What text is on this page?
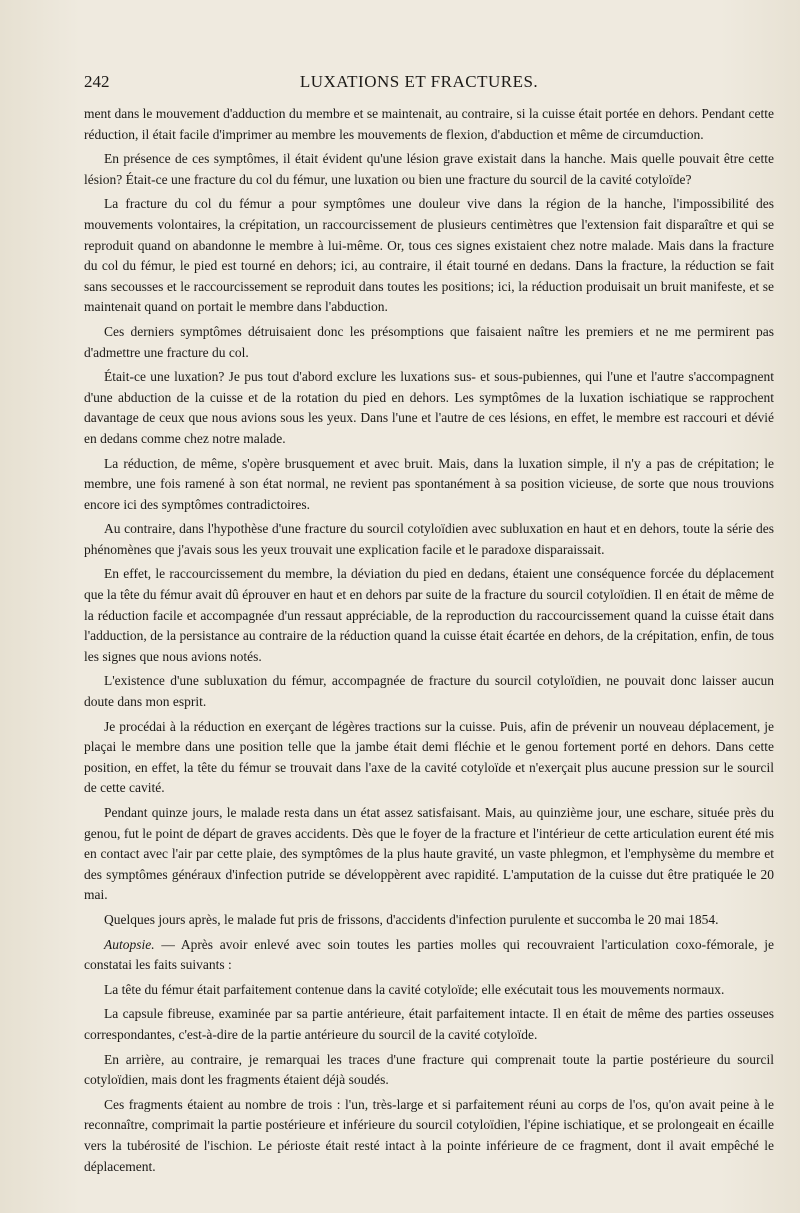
242	LUXATIONS ET FRACTURES.

ment dans le mouvement d'adduction du membre et se maintenait, au contraire, si la cuisse était portée en dehors. Pendant cette réduction, il était facile d'imprimer au membre les mouvements de flexion, d'abduction et même de circumduction.

En présence de ces symptômes, il était évident qu'une lésion grave existait dans la hanche. Mais quelle pouvait être cette lésion? Était-ce une fracture du col du fémur, une luxation ou bien une fracture du sourcil de la cavité cotyloïde?

La fracture du col du fémur a pour symptômes une douleur vive dans la région de la hanche, l'impossibilité des mouvements volontaires, la crépitation, un raccourcissement de plusieurs centimètres que l'extension fait disparaître et qui se reproduit quand on abandonne le membre à lui-même. Or, tous ces signes existaient chez notre malade. Mais dans la fracture du col du fémur, le pied est tourné en dehors; ici, au contraire, il était tourné en dedans. Dans la fracture, la réduction se fait sans secousses et le raccourcissement se reproduit dans toutes les positions; ici, la réduction produisait un bruit manifeste, et se maintenait quand on portait le membre dans l'abduction.

Ces derniers symptômes détruisaient donc les présomptions que faisaient naître les premiers et ne me permirent pas d'admettre une fracture du col.

Était-ce une luxation? Je pus tout d'abord exclure les luxations sus- et sous-pubiennes, qui l'une et l'autre s'accompagnent d'une abduction de la cuisse et de la rotation du pied en dehors. Les symptômes de la luxation ischiatique se rapprochent davantage de ceux que nous avions sous les yeux. Dans l'une et l'autre de ces lésions, en effet, le membre est raccouri et dévié en dedans comme chez notre malade.

La réduction, de même, s'opère brusquement et avec bruit. Mais, dans la luxation simple, il n'y a pas de crépitation; le membre, une fois ramené à son état normal, ne revient pas spontanément à sa position vicieuse, de sorte que nous trouvions encore ici des symptômes contradictoires.

Au contraire, dans l'hypothèse d'une fracture du sourcil cotyloïdien avec subluxation en haut et en dehors, toute la série des phénomènes que j'avais sous les yeux trouvait une explication facile et le paradoxe disparaissait.

En effet, le raccourcissement du membre, la déviation du pied en dedans, étaient une conséquence forcée du déplacement que la tête du fémur avait dû éprouver en haut et en dehors par suite de la fracture du sourcil cotyloïdien. Il en était de même de la réduction facile et accompagnée d'un ressaut appréciable, de la reproduction du raccourcissement quand la cuisse était dans l'adduction, de la persistance au contraire de la réduction quand la cuisse était écartée en dehors, de la crépitation, enfin, de tous les signes que nous avions notés.

L'existence d'une subluxation du fémur, accompagnée de fracture du sourcil cotyloïdien, ne pouvait donc laisser aucun doute dans mon esprit.

Je procédai à la réduction en exerçant de légères tractions sur la cuisse. Puis, afin de prévenir un nouveau déplacement, je plaçai le membre dans une position telle que la jambe était demi fléchie et le genou fortement porté en dehors. Dans cette position, en effet, la tête du fémur se trouvait dans l'axe de la cavité cotyloïde et n'exerçait plus aucune pression sur le sourcil de cette cavité.

Pendant quinze jours, le malade resta dans un état assez satisfaisant. Mais, au quinzième jour, une eschare, située près du genou, fut le point de départ de graves accidents. Dès que le foyer de la fracture et l'intérieur de cette articulation eurent été mis en contact avec l'air par cette plaie, des symptômes de la plus haute gravité, un vaste phlegmon, et l'emphysème du membre et des symptômes généraux d'infection putride se développèrent avec rapidité. L'amputation de la cuisse dut être pratiquée le 20 mai.

Quelques jours après, le malade fut pris de frissons, d'accidents d'infection purulente et succomba le 20 mai 1854.

Autopsie. — Après avoir enlevé avec soin toutes les parties molles qui recouvraient l'articulation coxo-fémorale, je constatai les faits suivants :

La tête du fémur était parfaitement contenue dans la cavité cotyloïde; elle exécutait tous les mouvements normaux.

La capsule fibreuse, examinée par sa partie antérieure, était parfaitement intacte. Il en était de même des parties osseuses correspondantes, c'est-à-dire de la partie antérieure du sourcil de la cavité cotyloïde.

En arrière, au contraire, je remarquai les traces d'une fracture qui comprenait toute la partie postérieure du sourcil cotyloïdien, mais dont les fragments étaient déjà soudés.

Ces fragments étaient au nombre de trois : l'un, très-large et si parfaitement réuni au corps de l'os, qu'on avait peine à le reconnaître, comprimait la partie postérieure et inférieure du sourcil cotyloïdien, l'épine ischiatique, et se prolongeait en écaille vers la tubérosité de l'ischion. Le périoste était resté intact à la pointe inférieure de ce fragment, dont il avait empêché le déplacement.
